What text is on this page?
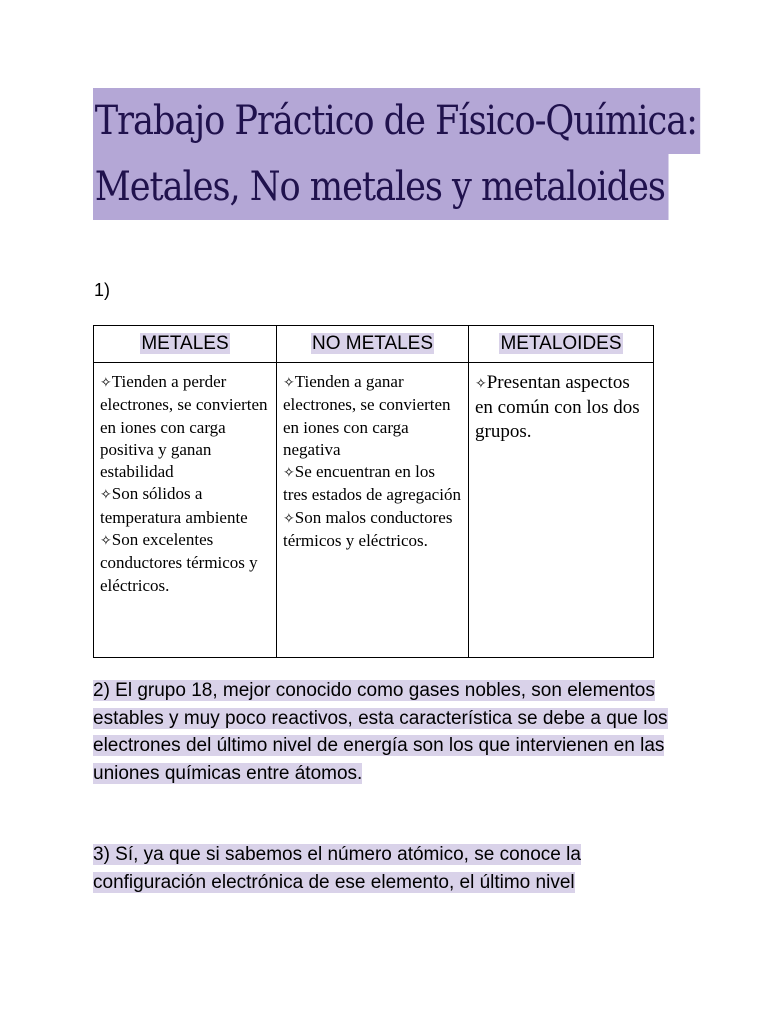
Trabajo Práctico de Físico-Química:
Metales, No metales y metaloides
1)
METALES	NO METALES	METALOIDES

✧Tienden a perder electrones, se convierten en iones con carga positiva y ganan estabilidad
✧Son sólidos a temperatura ambiente
✧Son excelentes conductores térmicos y eléctricos.	✧Tienden a ganar electrones, se convierten en iones con carga negativa
✧Se encuentran en los tres estados de agregación
✧Son malos conductores térmicos y eléctricos.	✧Presentan aspectos en común con los dos grupos.
2) El grupo 18, mejor conocido como gases nobles, son elementos estables y muy poco reactivos, esta característica se debe a que los electrones del último nivel de energía son los que intervienen en las uniones químicas entre átomos.
3) Sí, ya que si sabemos el número atómico, se conoce la configuración electrónica de ese elemento, el último nivel
